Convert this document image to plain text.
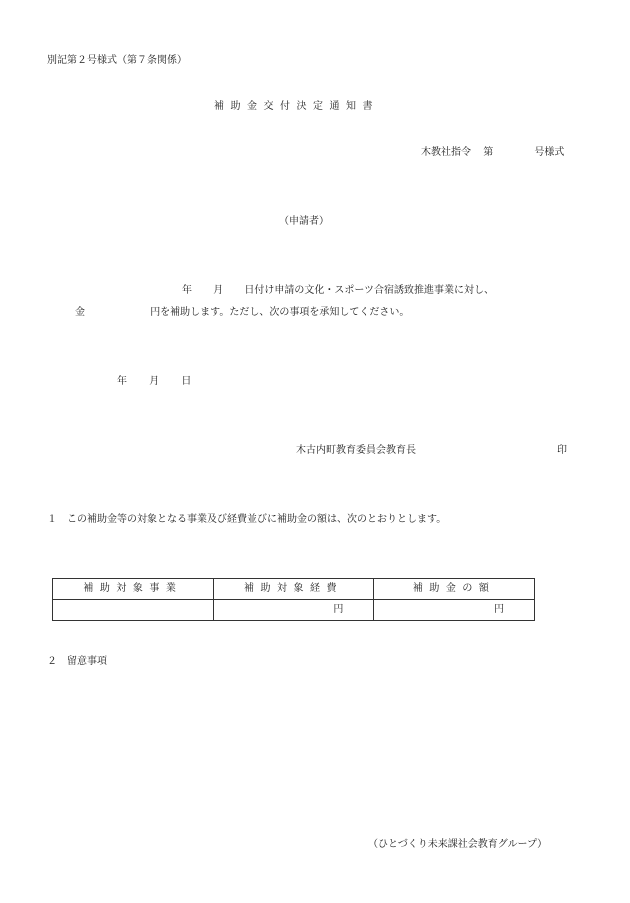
別記第２号様式（第７条関係）
補助金交付決定通知書
木教社指令 第	号様式
（申請者）
年 月 日付け申請の文化・スポーツ合宿誘致推進事業に対し、
金	円を補助します。ただし、次の事項を承知してください。
年 月 日
木古内町教育委員会教育長	印
１　この補助金等の対象となる事業及び経費並びに補助金の額は、次のとおりとします。
補助対象事業	補助対象経費	補助金の額
	円	円
２　留意事項
（ひとづくり未来課社会教育グループ）
